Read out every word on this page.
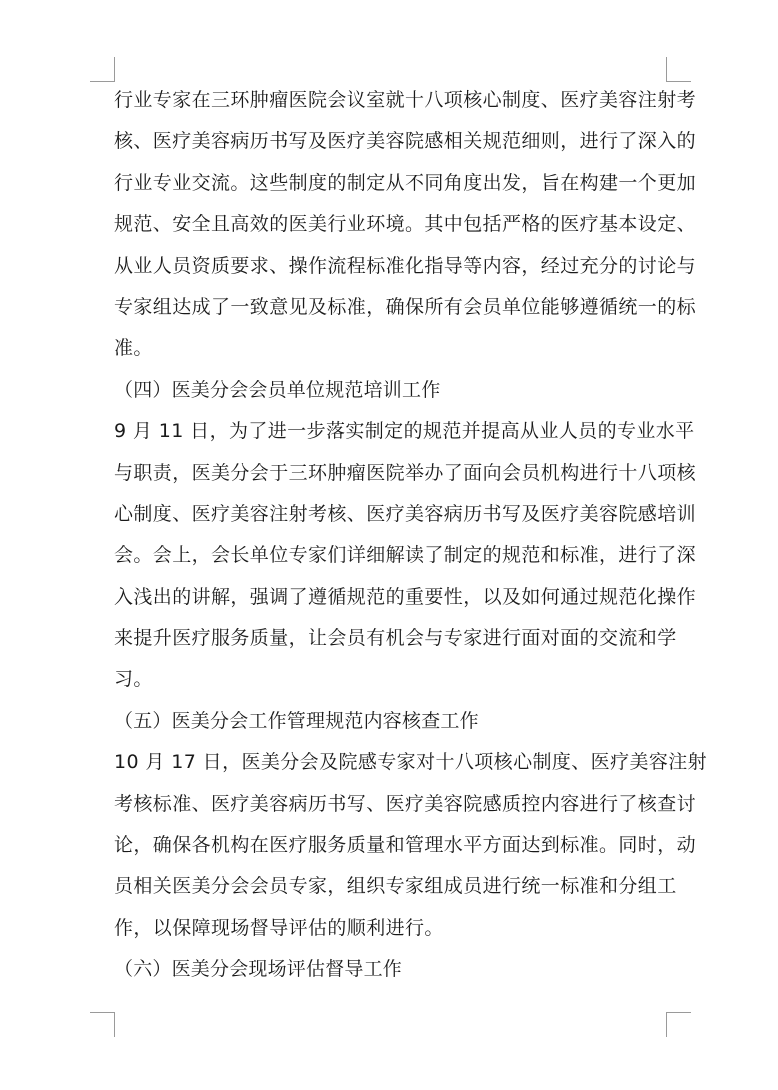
行业专家在三环肿瘤医院会议室就十八项核心制度、医疗美容注射考
核、医疗美容病历书写及医疗美容院感相关规范细则，进行了深入的
行业专业交流。这些制度的制定从不同角度出发，旨在构建一个更加
规范、安全且高效的医美行业环境。其中包括严格的医疗基本设定、
从业人员资质要求、操作流程标准化指导等内容，经过充分的讨论与
专家组达成了一致意见及标准，确保所有会员单位能够遵循统一的标
准。
（四）医美分会会员单位规范培训工作
9 月 11 日，为了进一步落实制定的规范并提高从业人员的专业水平
与职责，医美分会于三环肿瘤医院举办了面向会员机构进行十八项核
心制度、医疗美容注射考核、医疗美容病历书写及医疗美容院感培训
会。会上，会长单位专家们详细解读了制定的规范和标准，进行了深
入浅出的讲解，强调了遵循规范的重要性，以及如何通过规范化操作
来提升医疗服务质量，让会员有机会与专家进行面对面的交流和学
习。
（五）医美分会工作管理规范内容核查工作
10 月 17 日，医美分会及院感专家对十八项核心制度、医疗美容注射
考核标准、医疗美容病历书写、医疗美容院感质控内容进行了核查讨
论，确保各机构在医疗服务质量和管理水平方面达到标准。同时，动
员相关医美分会会员专家，组织专家组成员进行统一标准和分组工
作，以保障现场督导评估的顺利进行。
（六）医美分会现场评估督导工作
